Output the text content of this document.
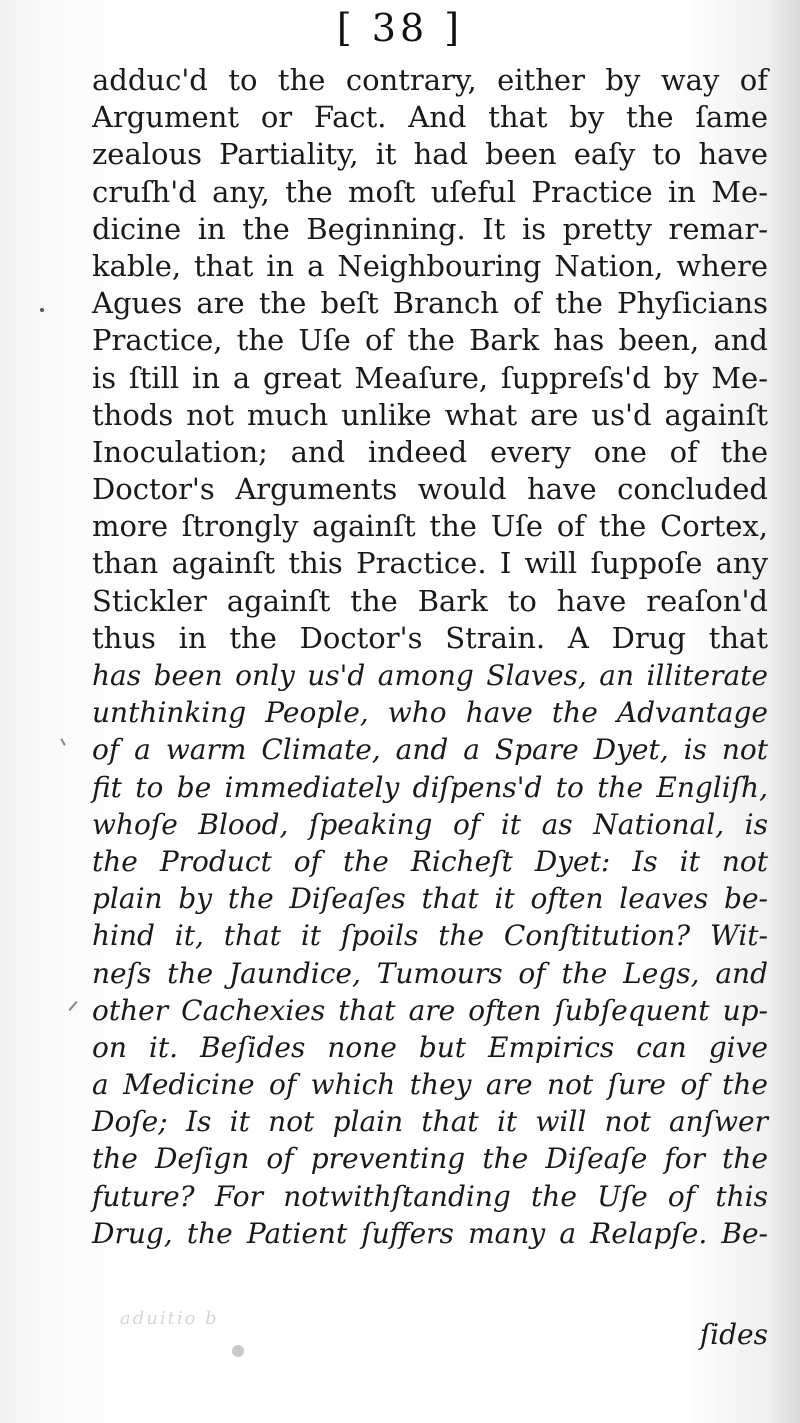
[ 38 ]
adduc'd to the contrary, either by way of
Argument or Fact. And that by the ſame
zealous Partiality, it had been eaſy to have
cruſh'd any, the moſt uſeful Practice in Me-
dicine in the Beginning. It is pretty remar-
kable, that in a Neighbouring Nation, where
Agues are the beſt Branch of the Phyſicians
Practice, the Uſe of the Bark has been, and
is ſtill in a great Meaſure, ſuppreſs'd by Me-
thods not much unlike what are us'd againſt
Inoculation; and indeed every one of the
Doctor's Arguments would have concluded
more ſtrongly againſt the Uſe of the Cortex,
than againſt this Practice. I will ſuppoſe any
Stickler againſt the Bark to have reaſon'd
thus in the Doctor's Strain. A Drug that
has been only us'd among Slaves, an illiterate
unthinking People, who have the Advantage
of a warm Climate, and a Spare Dyet, is not
fit to be immediately diſpens'd to the Engliſh,
whoſe Blood, ſpeaking of it as National, is
the Product of the Richeſt Dyet: Is it not
plain by the Diſeaſes that it often leaves be-
hind it, that it ſpoils the Conſtitution? Wit-
neſs the Jaundice, Tumours of the Legs, and
other Cachexies that are often ſubſequent up-
on it. Beſides none but Empirics can give
a Medicine of which they are not ſure of the
Doſe; Is it not plain that it will not anſwer
the Deſign of preventing the Diſeaſe for the
future? For notwithſtanding the Uſe of this
Drug, the Patient ſuffers many a Relapſe. Be-
aduitio b	ſides
